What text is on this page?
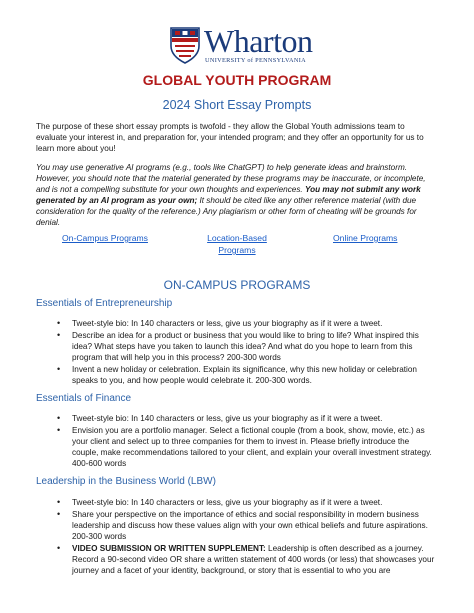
Wharton
UNIVERSITY of PENNSYLVANIA
GLOBAL YOUTH PROGRAM
2024 Short Essay Prompts
The purpose of these short essay prompts is twofold - they allow the Global Youth admissions team to evaluate your interest in, and preparation for, your intended program; and they offer an opportunity for us to learn more about you!
You may use generative AI programs (e.g., tools like ChatGPT) to help generate ideas and brainstorm. However, you should note that the material generated by these programs may be inaccurate, or incomplete, and is not a compelling substitute for your own thoughts and experiences. You may not submit any work generated by an AI program as your own; It should be cited like any other reference material (with due consideration for the quality of the reference.) Any plagiarism or other form of cheating will be grounds for denial.
On-Campus Programs	Location-Based Programs
Online Programs
ON-CAMPUS PROGRAMS
Essentials of Entrepreneurship
• Tweet-style bio: In 140 characters or less, give us your biography as if it were a tweet.
• Describe an idea for a product or business that you would like to bring to life? What inspired this idea? What steps have you taken to launch this idea? And what do you hope to learn from this program that will help you in this process? 200-300 words
• Invent a new holiday or celebration. Explain its significance, why this new holiday or celebration speaks to you, and how people would celebrate it. 200-300 words.
Essentials of Finance
• Tweet-style bio: In 140 characters or less, give us your biography as if it were a tweet.
• Envision you are a portfolio manager. Select a fictional couple (from a book, show, movie, etc.) as your client and select up to three companies for them to invest in. Please briefly introduce the couple, make recommendations tailored to your client, and explain your overall investment strategy. 400-600 words
Leadership in the Business World (LBW)
• Tweet-style bio: In 140 characters or less, give us your biography as if it were a tweet.
• Share your perspective on the importance of ethics and social responsibility in modern business leadership and discuss how these values align with your own ethical beliefs and future aspirations. 200-300 words
• VIDEO SUBMISSION OR WRITTEN SUPPLEMENT: Leadership is often described as a journey. Record a 90-second video OR share a written statement of 400 words (or less) that showcases your journey and a facet of your identity, background, or story that is essential to who you are
